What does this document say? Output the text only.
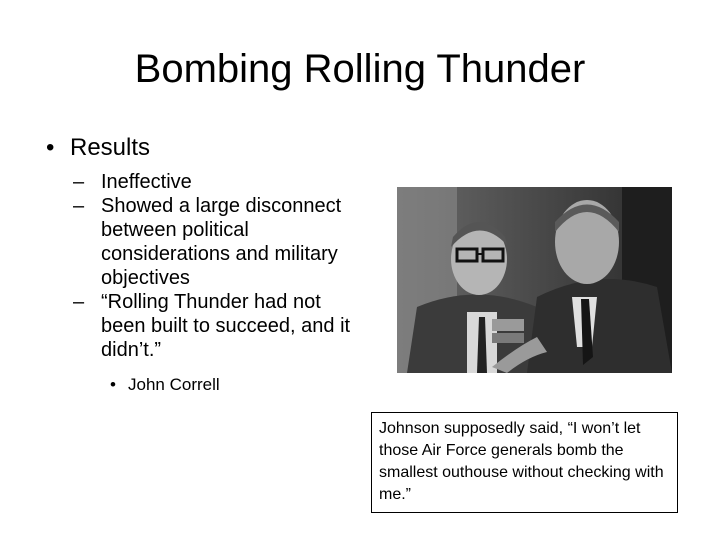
Bombing Rolling Thunder
• Results
– Ineffective
– Showed a large disconnect between political considerations and military objectives
– “Rolling Thunder had not been built to succeed, and it didn’t.”
• John Correll
Johnson supposedly said, “I won’t let those Air Force generals bomb the smallest outhouse without checking with me.”
